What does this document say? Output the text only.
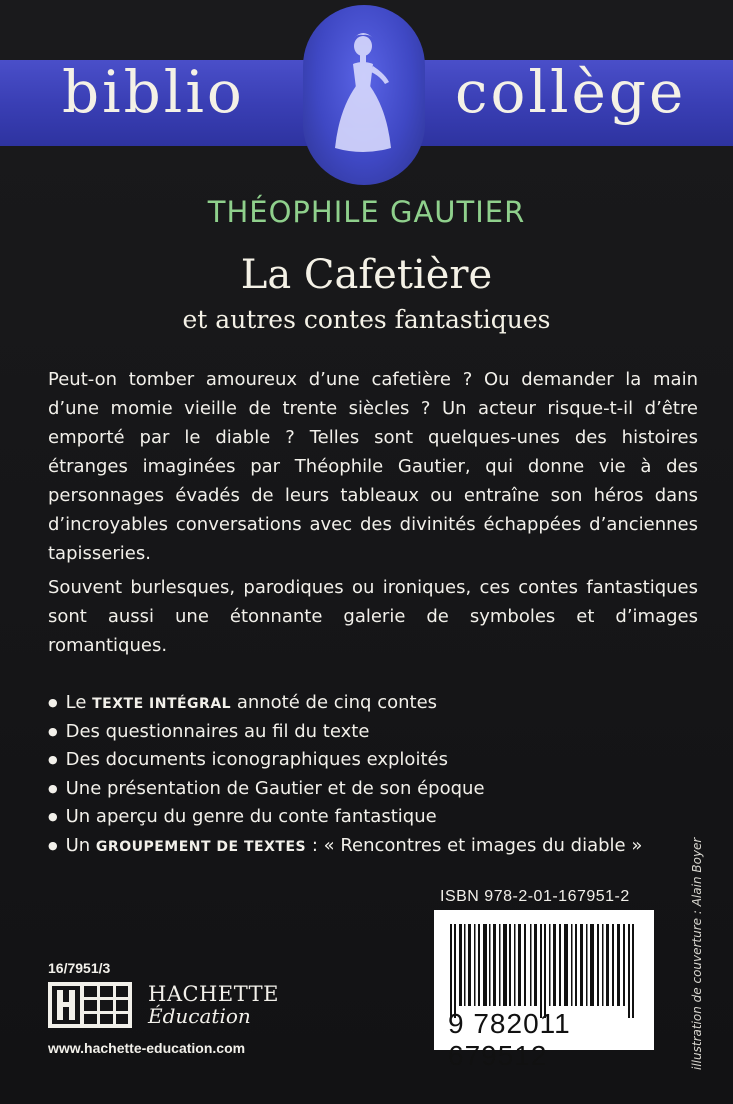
biblio	collège
THÉOPHILE GAUTIER
La Cafetière
et autres contes fantastiques

Peut-on tomber amoureux d’une cafetière ? Ou demander la main d’une momie vieille de trente siècles ? Un acteur risque-t-il d’être emporté par le diable ? Telles sont quelques-unes des histoires étranges imaginées par Théophile Gautier, qui donne vie à des personnages évadés de leurs tableaux ou entraîne son héros dans d’incroyables conversations avec des divinités échappées d’anciennes tapisseries.

Souvent burlesques, parodiques ou ironiques, ces contes fantastiques sont aussi une étonnante galerie de symboles et d’images romantiques.

● Le TEXTE INTÉGRAL annoté de cinq contes
● Des questionnaires au fil du texte
● Des documents iconographiques exploités
● Une présentation de Gautier et de son époque
● Un aperçu du genre du conte fantastique
● Un GROUPEMENT DE TEXTES : « Rencontres et images du diable »
ISBN 978-2-01-167951-2
9 782011 679512
16/7951/3
HACHETTE
Éducation
www.hachette-education.com	illustration de couverture : Alain Boyer
